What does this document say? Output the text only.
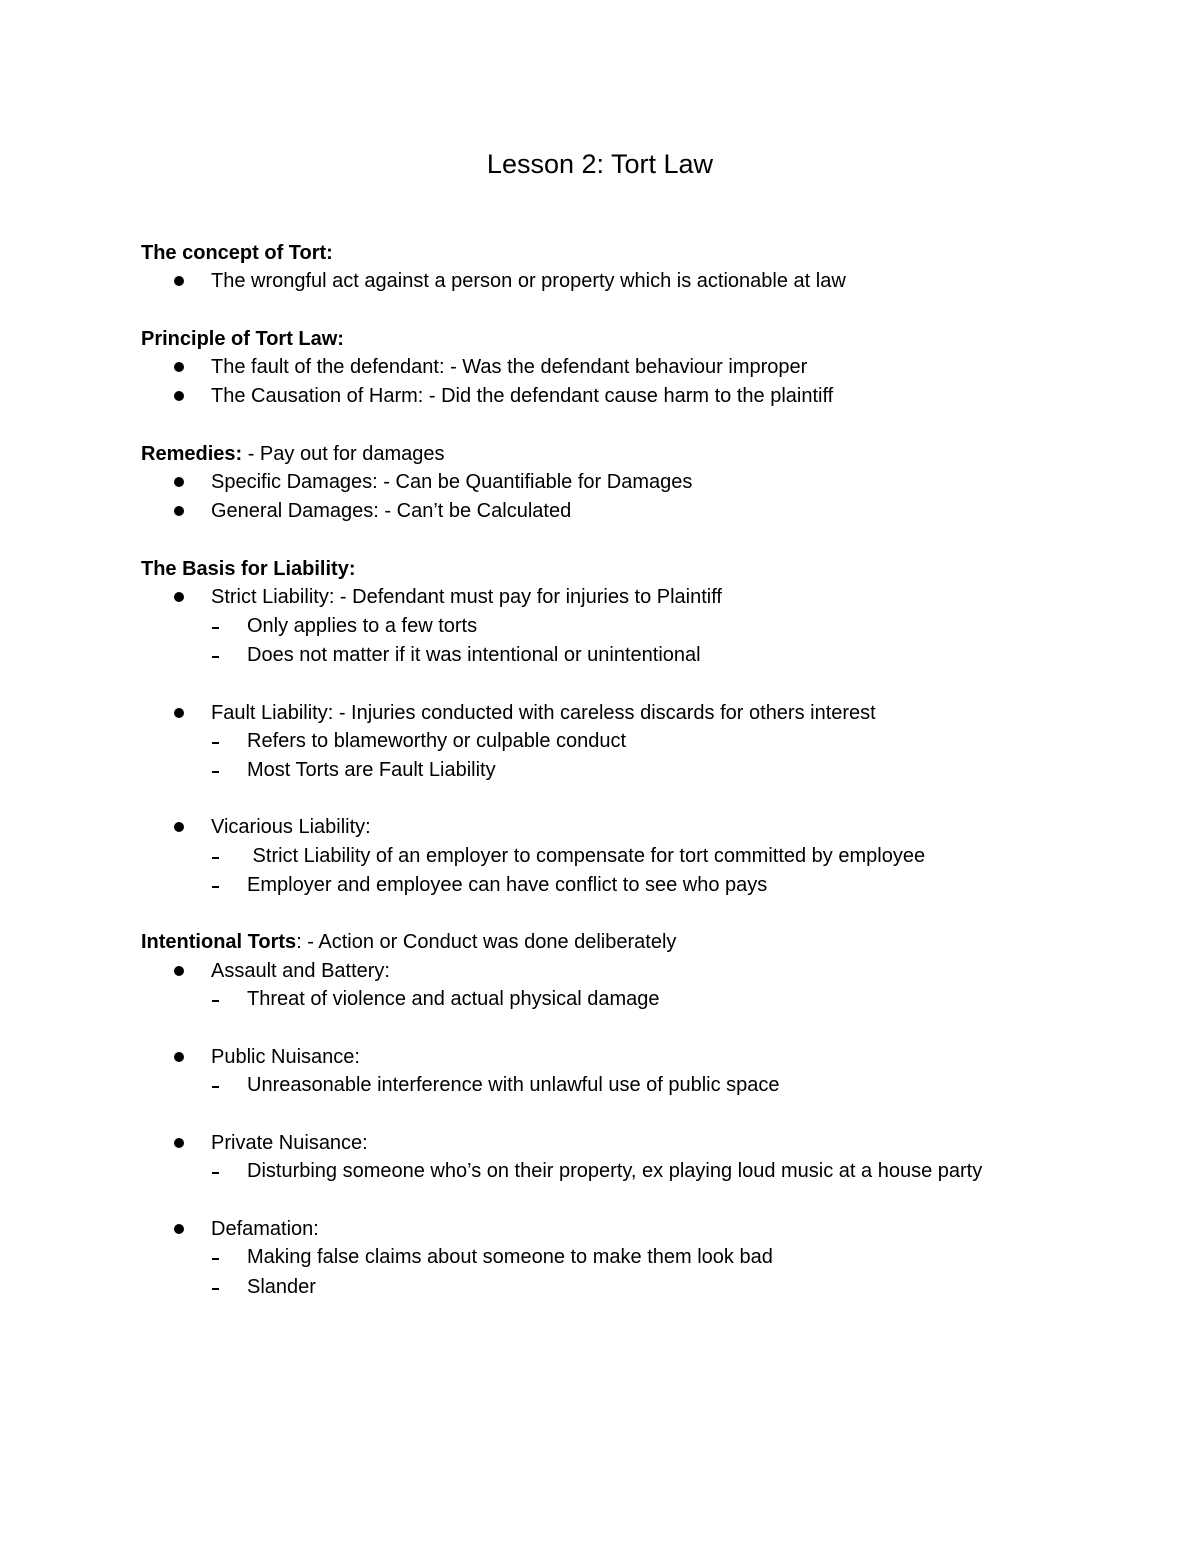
Lesson 2: Tort Law
The concept of Tort:
The wrongful act against a person or property which is actionable at law
Principle of Tort Law:
The fault of the defendant: - Was the defendant behaviour improper
The Causation of Harm: - Did the defendant cause harm to the plaintiff
Remedies: - Pay out for damages
Specific Damages: - Can be Quantifiable for Damages
General Damages: - Can’t be Calculated
The Basis for Liability:
Strict Liability: - Defendant must pay for injuries to Plaintiff
Only applies to a few torts
Does not matter if it was intentional or unintentional
Fault Liability: - Injuries conducted with careless discards for others interest
Refers to blameworthy or culpable conduct
Most Torts are Fault Liability
Vicarious Liability:
Strict Liability of an employer to compensate for tort committed by employee
Employer and employee can have conflict to see who pays
Intentional Torts: - Action or Conduct was done deliberately
Assault and Battery:
Threat of violence and actual physical damage
Public Nuisance:
Unreasonable interference with unlawful use of public space
Private Nuisance:
Disturbing someone who’s on their property, ex playing loud music at a house party
Defamation:
Making false claims about someone to make them look bad
Slander
